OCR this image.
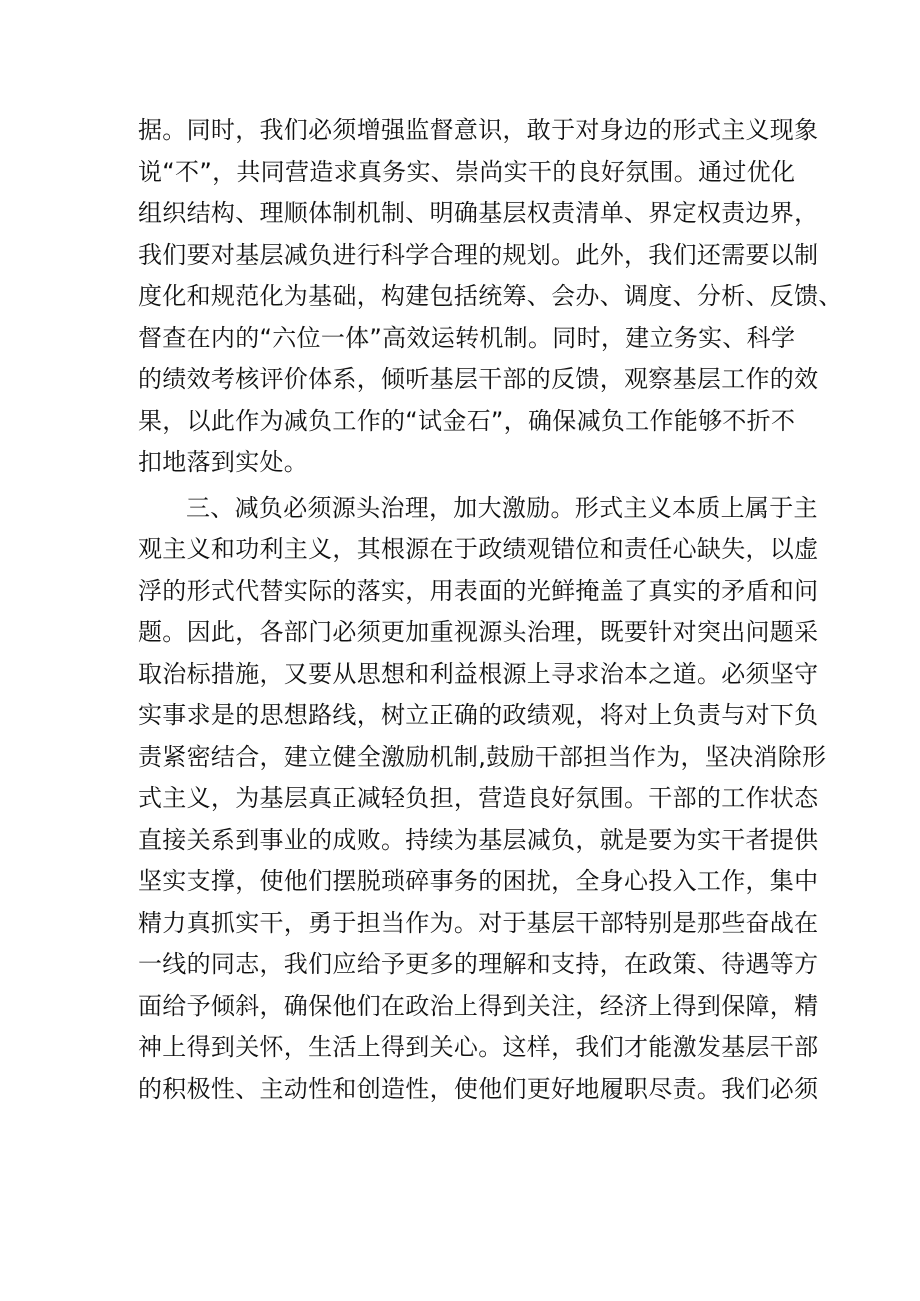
据。同时，我们必须增强监督意识，敢于对身边的形式主义现象
说“不”，共同营造求真务实、崇尚实干的良好氛围。通过优化
组织结构、理顺体制机制、明确基层权责清单、界定权责边界，
我们要对基层减负进行科学合理的规划。此外，我们还需要以制
度化和规范化为基础，构建包括统筹、会办、调度、分析、反馈、
督查在内的“六位一体”高效运转机制。同时，建立务实、科学
的绩效考核评价体系，倾听基层干部的反馈，观察基层工作的效
果，以此作为减负工作的“试金石”，确保减负工作能够不折不
扣地落到实处。
三、减负必须源头治理，加大激励。形式主义本质上属于主
观主义和功利主义，其根源在于政绩观错位和责任心缺失，以虚
浮的形式代替实际的落实，用表面的光鲜掩盖了真实的矛盾和问
题。因此，各部门必须更加重视源头治理，既要针对突出问题采
取治标措施，又要从思想和利益根源上寻求治本之道。必须坚守
实事求是的思想路线，树立正确的政绩观，将对上负责与对下负
责紧密结合，建立健全激励机制,鼓励干部担当作为，坚决消除形
式主义，为基层真正减轻负担，营造良好氛围。干部的工作状态
直接关系到事业的成败。持续为基层减负，就是要为实干者提供
坚实支撑，使他们摆脱琐碎事务的困扰，全身心投入工作，集中
精力真抓实干，勇于担当作为。对于基层干部特别是那些奋战在
一线的同志，我们应给予更多的理解和支持，在政策、待遇等方
面给予倾斜，确保他们在政治上得到关注，经济上得到保障，精
神上得到关怀，生活上得到关心。这样，我们才能激发基层干部
的积极性、主动性和创造性，使他们更好地履职尽责。我们必须
